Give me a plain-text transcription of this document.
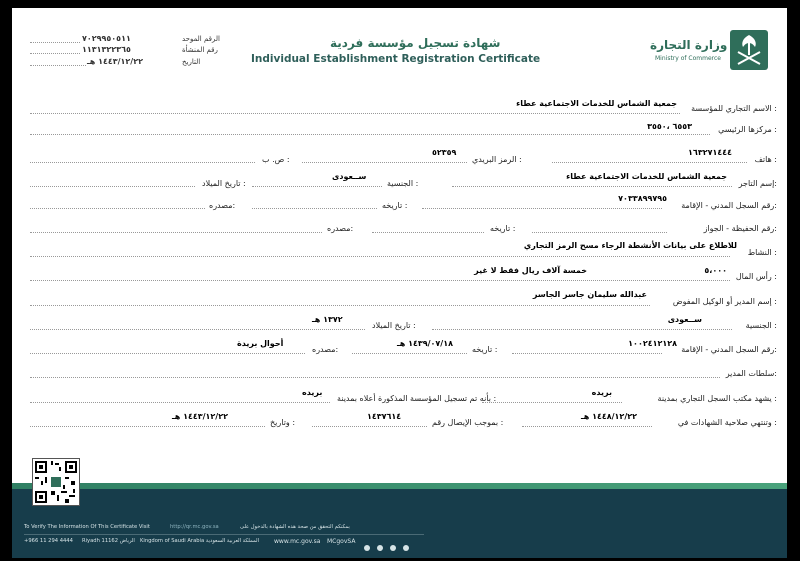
٧٠٢٩٩٥٠٥١١	الرقم الموحد
١١٣١٣٢٢٣٦٥	رقم المنشأة
١٤٤٣/١٢/٢٢ هـ	التاريخ
شهادة تسجيل مؤسسة فردية
Individual Establishment Registration Certificate
وزارة التجارة
Ministry of Commerce
الاسم التجاري للمؤسسة :
جمعية الشماس للخدمات الاجتماعية عطاء
مركزها الرئيسي :
٦٥٥٣ ،٣٥٥٠
هاتف :
١٦٣٢٧١٤٤٤
الرمز البريدي :
٥٢٣٥٩
ص. ب :
إسم التاجر:
جمعية الشماس للخدمات الاجتماعية عطاء
الجنسية :
ســعودى
تاريخ الميلاد :
رقم السجل المدني - الإقامة:
٧٠٣٣٨٩٩٧٩٥
تاريخه :
مصدره:
رقم الحفيظة - الجواز:
تاريخه :
مصدره:
النشاط :
للاطلاع على بيانات الأنشطة الرجاء مسح الرمز التجاري
رأس المال :
٥،٠٠٠
خمسة آلاف ريال فقط لا غير
إسم المدير أو الوكيل المفوض :
عبدالله سليمان جاسر الجاسر
الجنسية :
ســعودى
تاريخ الميلاد :
١٣٧٢ هـ
رقم السجل المدني - الإقامة:
١٠٠٢٤١٢١٢٨
تاريخه :
١٤٣٩/٠٧/١٨ هـ
مصدره:
أحوال بريدة
سلطات المدير:
يشهد مكتب السجل التجاري بمدينة :
بريده
بأنه تم تسجيل المؤسسة المذكورة أعلاه بمدينة :
بريده
وتنتهي صلاحية الشهادات في :
١٤٤٨/١٢/٢٢ هـ
بموجب الإيصال رقم :
١٤٣٧٦١٤
وتاريخ :
١٤٤٣/١٢/٢٢ هـ
To Verify The Information Of This Certificate Visit	http://qr.mc.gov.sa	بمكنكم التحقق من صحة هذه الشهادة بالدخول على
+966 11 294 4444 Riyadh 11162 الرياض Kingdom of Saudi Arabia المملكة العربية السعودية www.mc.gov.sa MCgovSA
